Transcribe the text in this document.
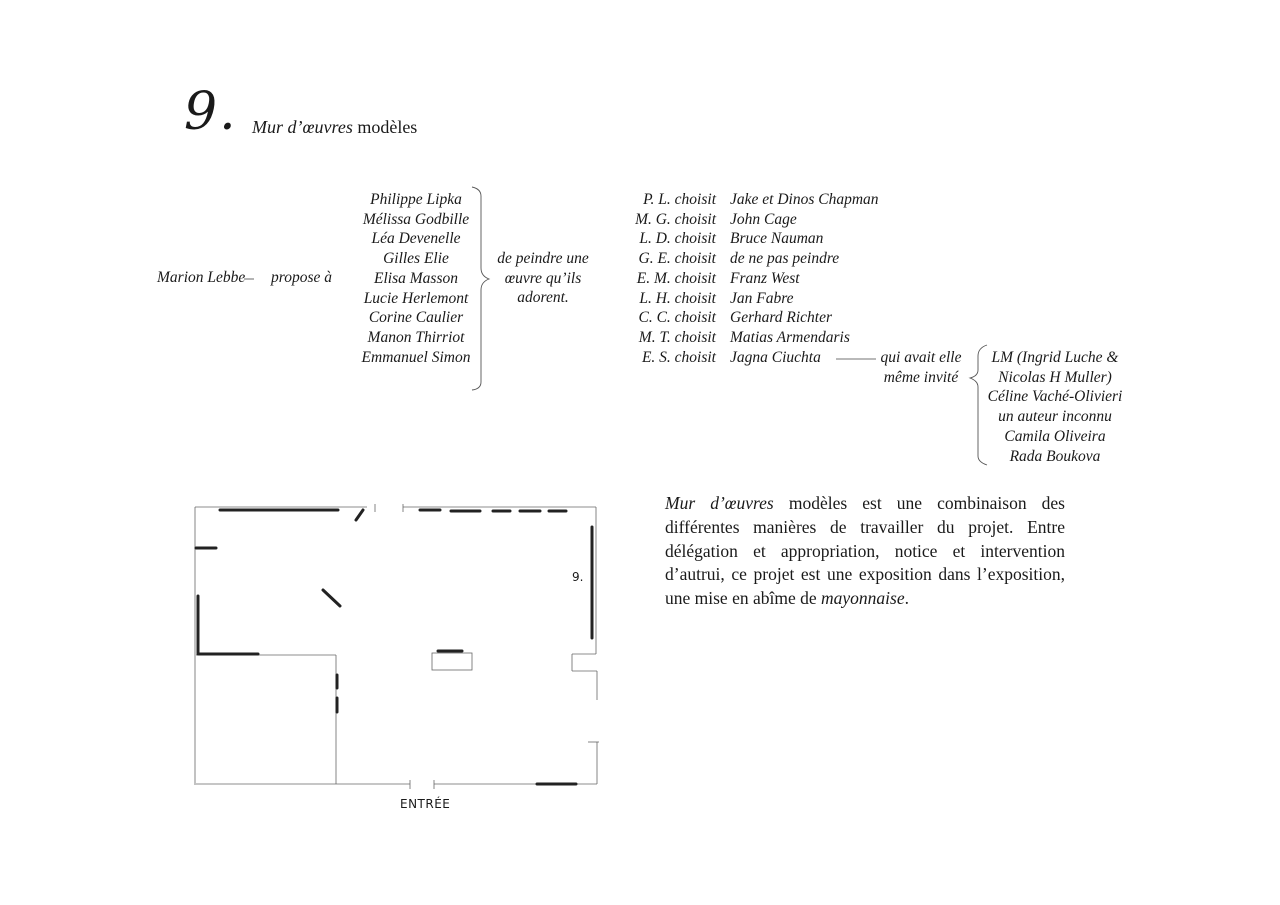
9. Mur d’œuvres modèles
Marion Lebbe propose à
Philippe Lipka
Mélissa Godbille
Léa Devenelle
Gilles Elie
Elisa Masson
Lucie Herlemont
Corine Caulier
Manon Thirriot
Emmanuel Simon
de peindre une œuvre qu’ils adorent.
P. L. choisit
M. G. choisit
L. D. choisit
G. E. choisit
E. M. choisit
L. H. choisit
C. C. choisit
M. T. choisit
E. S. choisit
Jake et Dinos Chapman
John Cage
Bruce Nauman
de ne pas peindre
Franz West
Jan Fabre
Gerhard Richter
Matias Armendaris
Jagna Ciuchta	qui avait elle même invité
LM (Ingrid Luche & Nicolas H Muller)
Céline Vaché-Olivieri
un auteur inconnu
Camila Oliveira
Rada Boukova
9.
ENTRÉE
Mur d’œuvres modèles est une combinaison des différentes manières de travailler du projet. Entre délégation et appropriation, notice et intervention d’autrui, ce projet est une exposition dans l’exposition, une mise en abîme de mayonnaise.
